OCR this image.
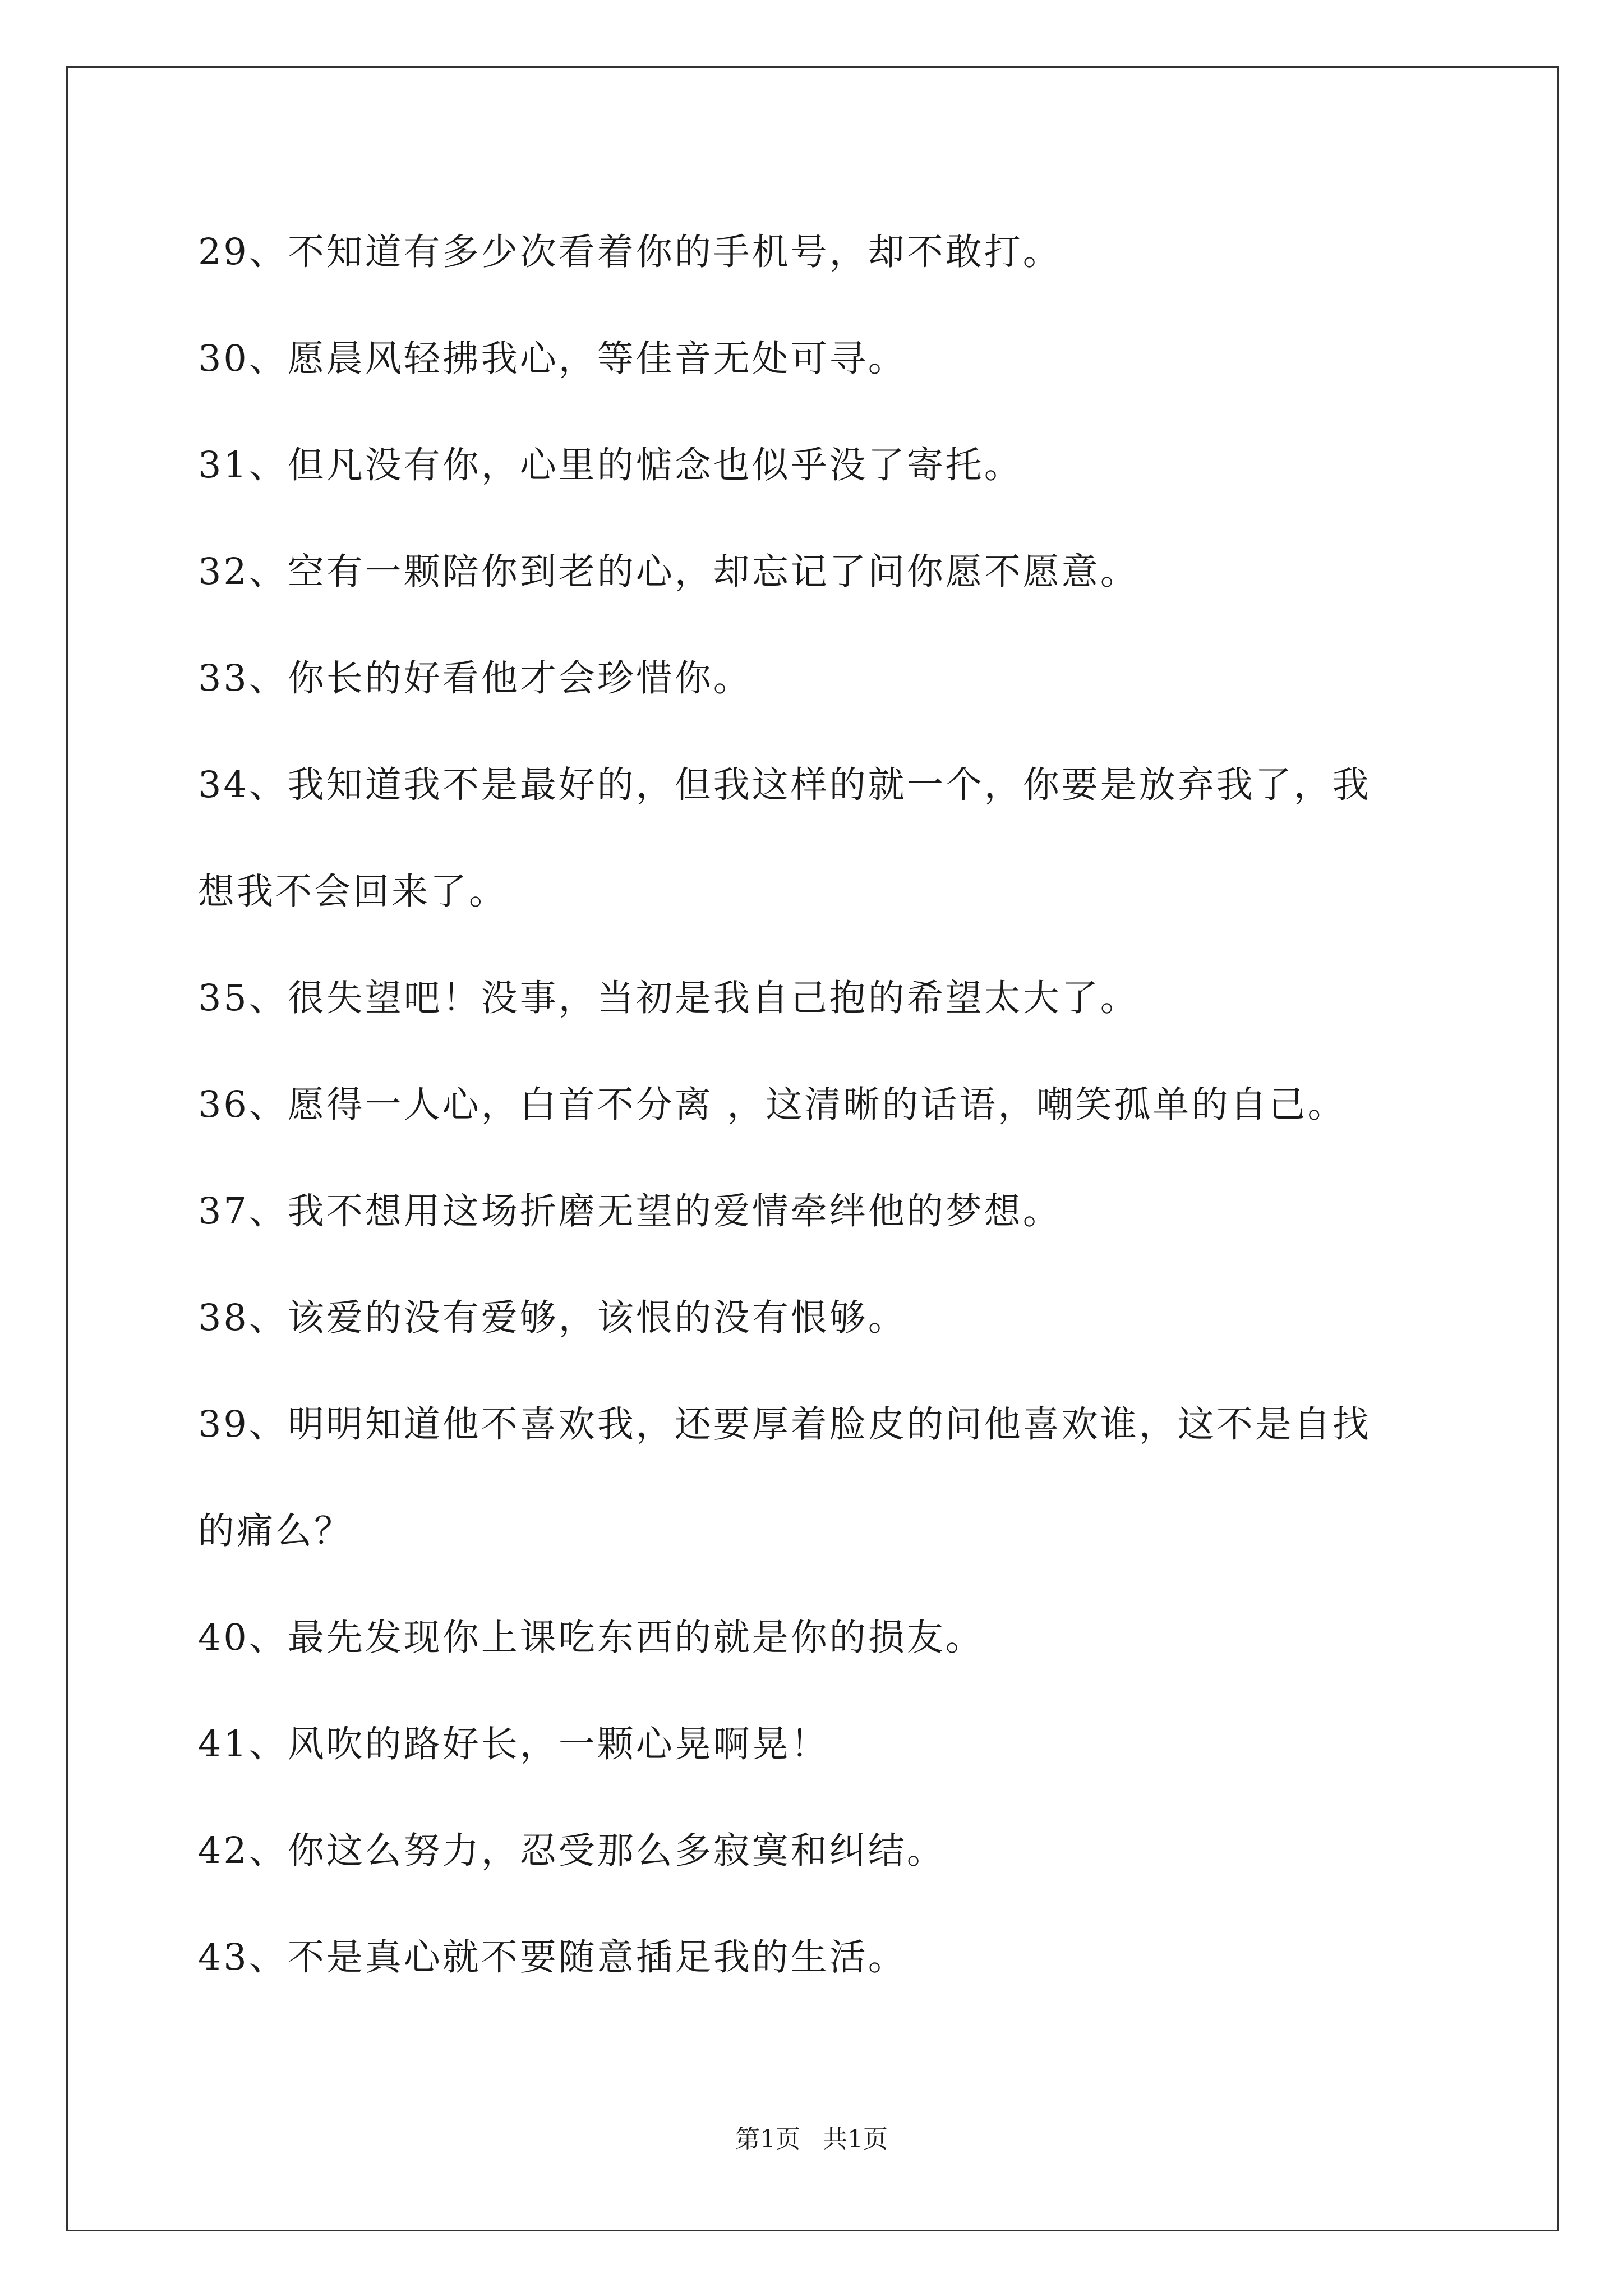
29、不知道有多少次看着你的手机号，却不敢打。
30、愿晨风轻拂我心，等佳音无处可寻。
31、但凡没有你，心里的惦念也似乎没了寄托。
32、空有一颗陪你到老的心，却忘记了问你愿不愿意。
33、你长的好看他才会珍惜你。
34、我知道我不是最好的，但我这样的就一个，你要是放弃我了，我
想我不会回来了。
35、很失望吧！没事，当初是我自己抱的希望太大了。
36、愿得一人心，白首不分离 ，这清晰的话语，嘲笑孤单的自己。
37、我不想用这场折磨无望的爱情牵绊他的梦想。
38、该爱的没有爱够，该恨的没有恨够。
39、明明知道他不喜欢我，还要厚着脸皮的问他喜欢谁，这不是自找
的痛么？
40、最先发现你上课吃东西的就是你的损友。
41、风吹的路好长，一颗心晃啊晃！
42、你这么努力，忍受那么多寂寞和纠结。
43、不是真心就不要随意插足我的生活。
第1页 共1页
